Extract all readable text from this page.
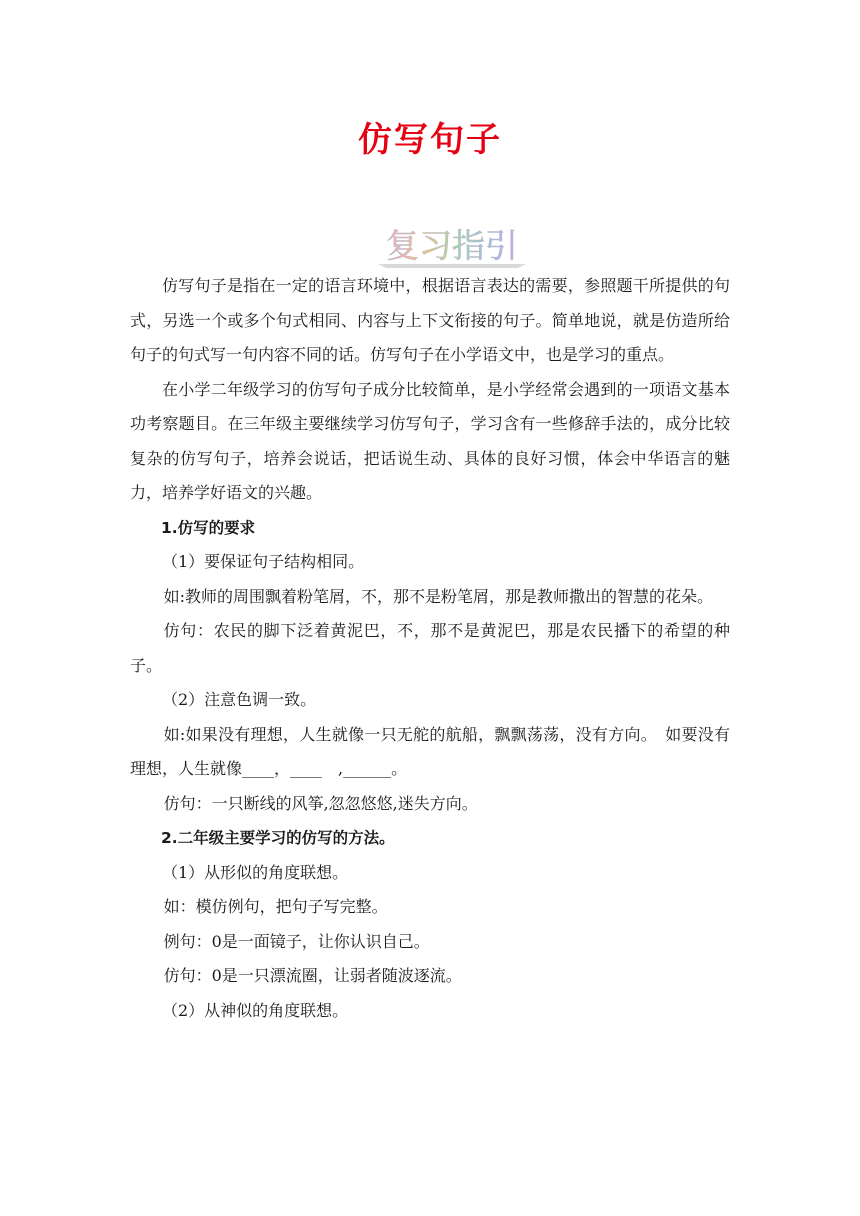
仿写句子
复习指引

仿写句子是指在一定的语言环境中，根据语言表达的需要，参照题干所提供的句式，另选一个或多个句式相同、内容与上下文衔接的句子。简单地说，就是仿造所给句子的句式写一句内容不同的话。仿写句子在小学语文中，也是学习的重点。

在小学二年级学习的仿写句子成分比较简单，是小学经常会遇到的一项语文基本功考察题目。在三年级主要继续学习仿写句子，学习含有一些修辞手法的，成分比较复杂的仿写句子，培养会说话，把话说生动、具体的良好习惯，体会中华语言的魅力，培养学好语文的兴趣。

1.仿写的要求

（1）要保证句子结构相同。

如:教师的周围飘着粉笔屑，不，那不是粉笔屑，那是教师撒出的智慧的花朵。

仿句：农民的脚下泛着黄泥巴，不，那不是黄泥巴，那是农民播下的希望的种子。

（2）注意色调一致。

如:如果没有理想，人生就像一只无舵的航船，飘飘荡荡，没有方向。　如要没有理想，人生就像____，____　,______。

仿句：一只断线的风筝,忽忽悠悠,迷失方向。

2.二年级主要学习的仿写的方法。

（1）从形似的角度联想。

如：模仿例句，把句子写完整。

例句：0是一面镜子，让你认识自己。

仿句：0是一只漂流圈，让弱者随波逐流。

（2）从神似的角度联想。
